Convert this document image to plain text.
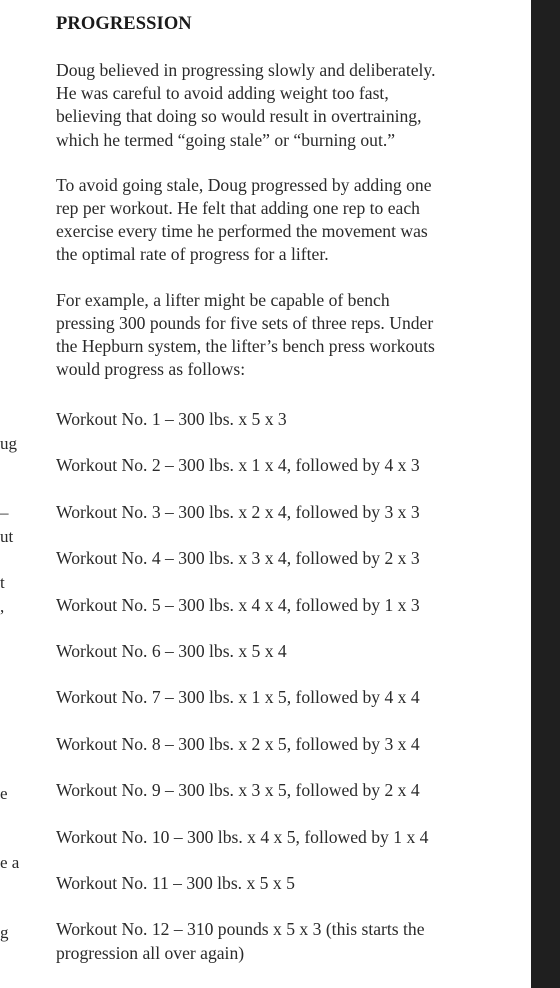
ug
–
ut
t
,
e
e a
g
PROGRESSION

Doug believed in progressing slowly and deliberately.
He was careful to avoid adding weight too fast,
believing that doing so would result in overtraining,
which he termed “going stale” or “burning out.”

To avoid going stale, Doug progressed by adding one
rep per workout. He felt that adding one rep to each
exercise every time he performed the movement was
the optimal rate of progress for a lifter.

For example, a lifter might be capable of bench
pressing 300 pounds for five sets of three reps. Under
the Hepburn system, the lifter’s bench press workouts
would progress as follows:

Workout No. 1 – 300 lbs. x 5 x 3
Workout No. 2 – 300 lbs. x 1 x 4, followed by 4 x 3
Workout No. 3 – 300 lbs. x 2 x 4, followed by 3 x 3
Workout No. 4 – 300 lbs. x 3 x 4, followed by 2 x 3
Workout No. 5 – 300 lbs. x 4 x 4, followed by 1 x 3
Workout No. 6 – 300 lbs. x 5 x 4
Workout No. 7 – 300 lbs. x 1 x 5, followed by 4 x 4
Workout No. 8 – 300 lbs. x 2 x 5, followed by 3 x 4
Workout No. 9 – 300 lbs. x 3 x 5, followed by 2 x 4
Workout No. 10 – 300 lbs. x 4 x 5, followed by 1 x 4
Workout No. 11 – 300 lbs. x 5 x 5
Workout No. 12 – 310 pounds x 5 x 3 (this starts the
progression all over again)
